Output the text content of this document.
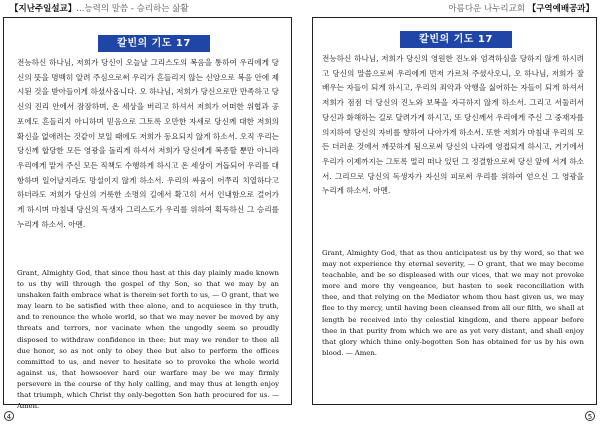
【지난주일설교】...능력의 말씀 - 승리하는 삶활
칼빈의 기도 17
전능하신 하나님, 저희가 당신이 오늘날 그리스도의 복음을 통하여 우리에게 당신의 뜻을 명백히 알려 주심으로써 우리가 흔들리지 않는 신앙으로 복음 안에 제시된 것을 받아들이게 하셨사옵니다. 오 하나님, 저희가 당신으로만 만족하고 당신의 진리 안에서 잠잠하며, 온 세상을 버리고 하셔서 저희가 어떠한 위협과 공포에도 흔들리지 아니하며 믿음으로 그토록 오만한 자세로 당신께 대한 저희의 확신을 없애려는 것같이 보일 때에도 저희가 동요되지 않게 하소서. 오직 우리는 당신께 합당한 모든 영광을 돌리게 하셔서 저희가 당신에게 복종할 뿐만 아니라 우리에게 맡겨 주신 모든 직책도 수행하게 하시고 온 세상이 거듭되어 우리를 대항하며 일어날지라도 망설이지 않게 하소서. 우리의 싸움이 어쭈리 치열하다고 하더라도 저희가 당신의 거룩한 소명의 길에서 확고히 서서 인내함으로 걸어가게 하시며 마침내 당신의 독생자 그리스도가 우리를 위하여 획득하신 그 승리를 누리게 하소서. 아멘.
Grant, Almighty God, that since thou hast at this day plainly made known to us thy will through the gospel of thy Son, so that we may by an unshaken faith embrace what is therein set forth to us, — O grant, that we may learn to be satisfied with thee alone, and to acquiesce in thy truth, and to renounce the whole world, so that we may never be moved by any threats and terrors, nor vacinate when the ungodly seem so proudly disposed to withdraw confidence in thee: but may we render to thee all due honor, so as not only to obey thee but also to perform the offices committed to us, and never to hesitate so to provoke the whole world against us, that howsoever hard our warfare may be we may firmly persevere in the course of thy holy calling, and may thus at length enjoy that triumph, which Christ thy only-begotten Son hath procured for us. — Amen.
4
아름다운 나누리교회 【구역예배공과】
칼빈의 기도 17
전능하신 하나님, 저희가 당신의 영원한 진노와 엄격하심을 당하지 않게 하시려고 당신의 말씀으로써 우리에게 먼저 가르쳐 주셨사오니, 오 하나님, 저희가 잘 배우는 자들이 되게 하시고, 우리의 죄악과 악행을 싫어하는 자들이 되게 하셔서 저희가 점점 더 당신의 진노와 보복을 자극하지 않게 하소서. 그리고 서둘러서 당신과 화해하는 길로 달려가게 하시고, 또 당신께서 우리에게 주신 그 중재자를 의지하여 당신의 자비를 향하여 나아가게 하소서. 또한 저희가 마침내 우리의 모든 더러운 것에서 깨끗하게 됨으로써 당신의 나라에 영접되게 하시고, 거기에서 우리가 이제까지는 그토록 멀리 떠나 있던 그 정결함으로써 당신 앞에 서게 하소서. 그리므로 당신의 독생자가 자신의 피로써 우리를 위하여 얻으신 그 영광을 누리게 하소서. 아멘.
Grant, Almighty God, that as thou anticipatest us by thy word, so that we may not experience thy eternal severity, — O grant, that we may become teachable, and be so displeased with our vices, that we may not provoke more and more thy vengeance, but hasten to seek reconciliation with thee, and that relying on the Mediator whom thou hast given us, we may flee to thy mercy, until having been cleansed from all our filth, we shall at length be received into thy celestial kingdom, and there appear before thee in that purity from which we are as yet very distant, and shall enjoy that glory which thine only-begotten Son has obtained for us by his own blood. — Amen.
5
